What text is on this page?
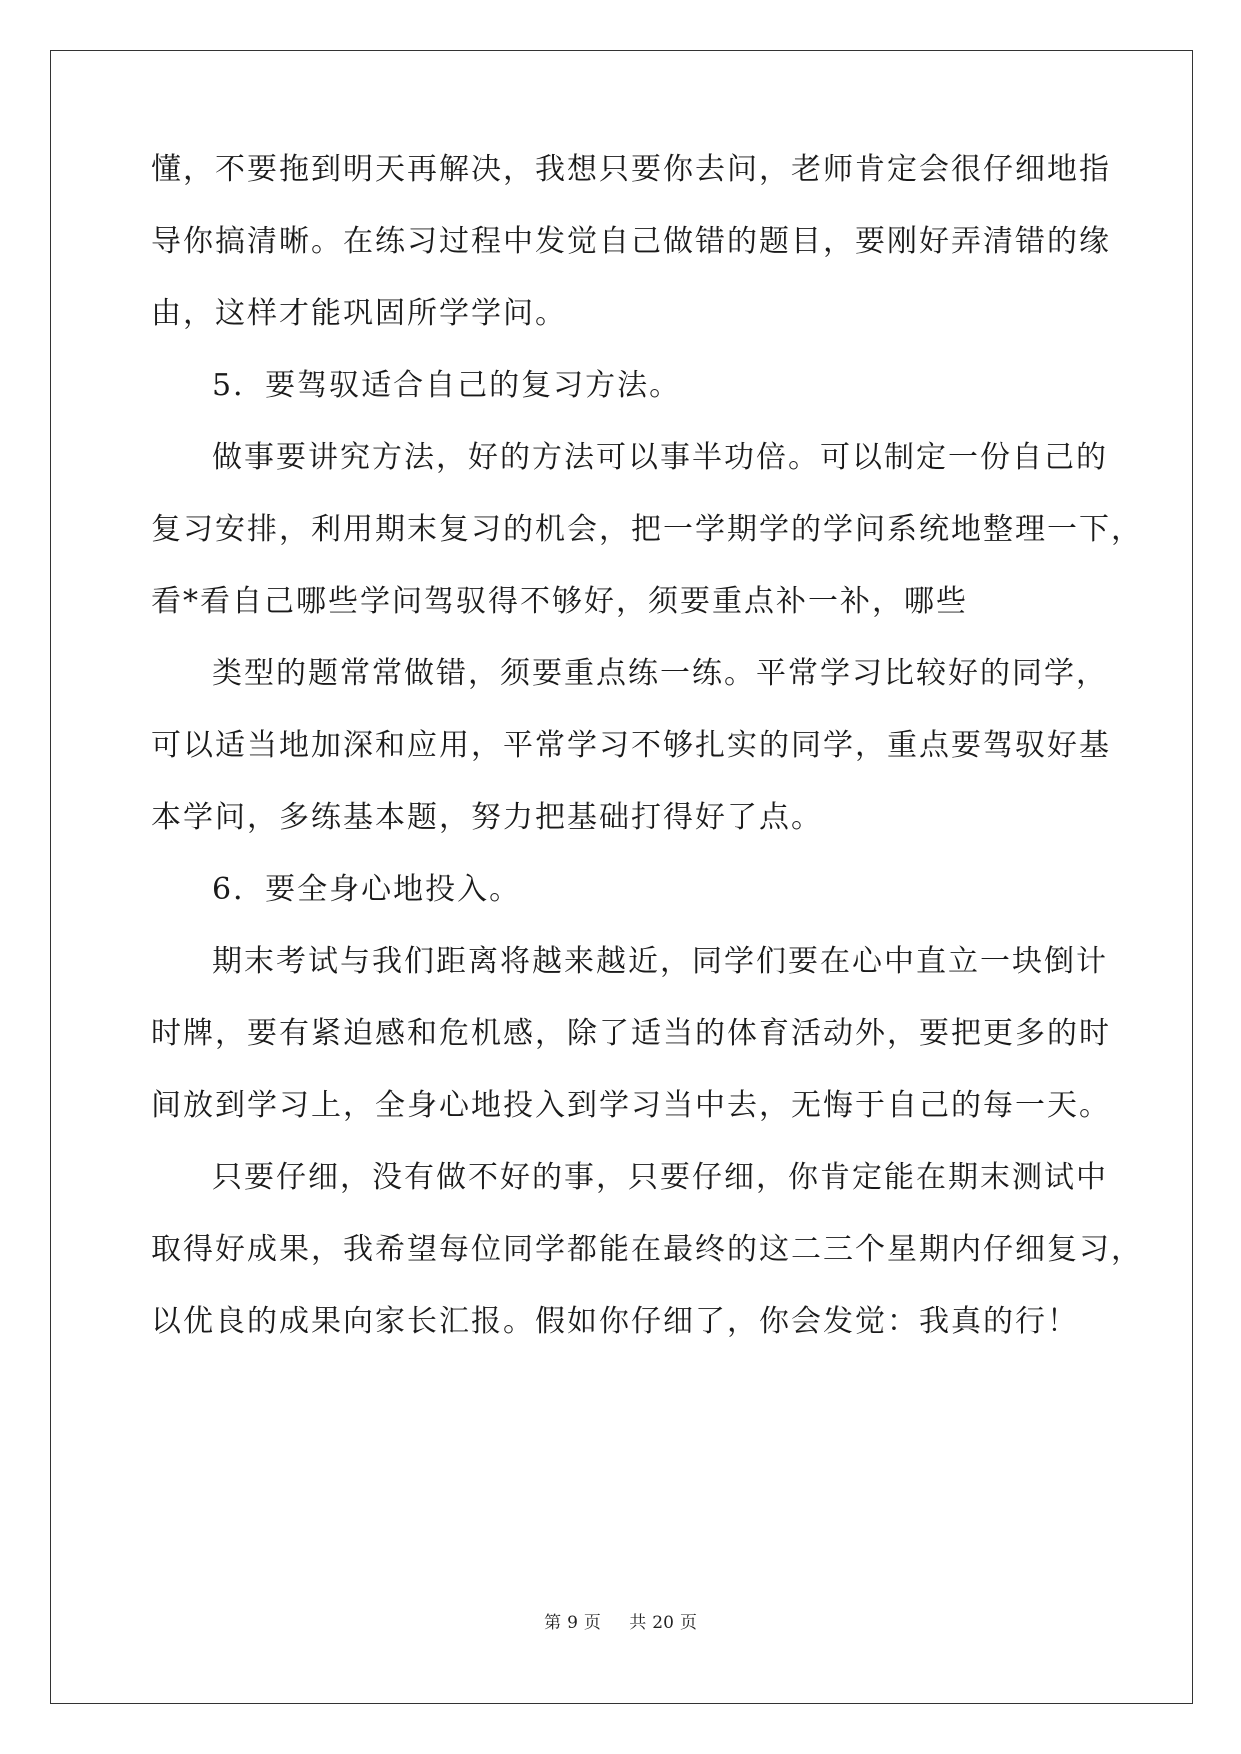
懂，不要拖到明天再解决，我想只要你去问，老师肯定会很仔细地指
导你搞清晰。在练习过程中发觉自己做错的题目，要刚好弄清错的缘
由，这样才能巩固所学学问。
5．要驾驭适合自己的复习方法。
做事要讲究方法，好的方法可以事半功倍。可以制定一份自己的
复习安排，利用期末复习的机会，把一学期学的学问系统地整理一下，
看*看自己哪些学问驾驭得不够好，须要重点补一补，哪些
类型的题常常做错，须要重点练一练。平常学习比较好的同学，
可以适当地加深和应用，平常学习不够扎实的同学，重点要驾驭好基
本学问，多练基本题，努力把基础打得好了点。
6．要全身心地投入。
期末考试与我们距离将越来越近，同学们要在心中直立一块倒计
时牌，要有紧迫感和危机感，除了适当的体育活动外，要把更多的时
间放到学习上，全身心地投入到学习当中去，无悔于自己的每一天。
只要仔细，没有做不好的事，只要仔细，你肯定能在期末测试中
取得好成果，我希望每位同学都能在最终的这二三个星期内仔细复习，
以优良的成果向家长汇报。假如你仔细了，你会发觉：我真的行！
第 9 页 共 20 页
